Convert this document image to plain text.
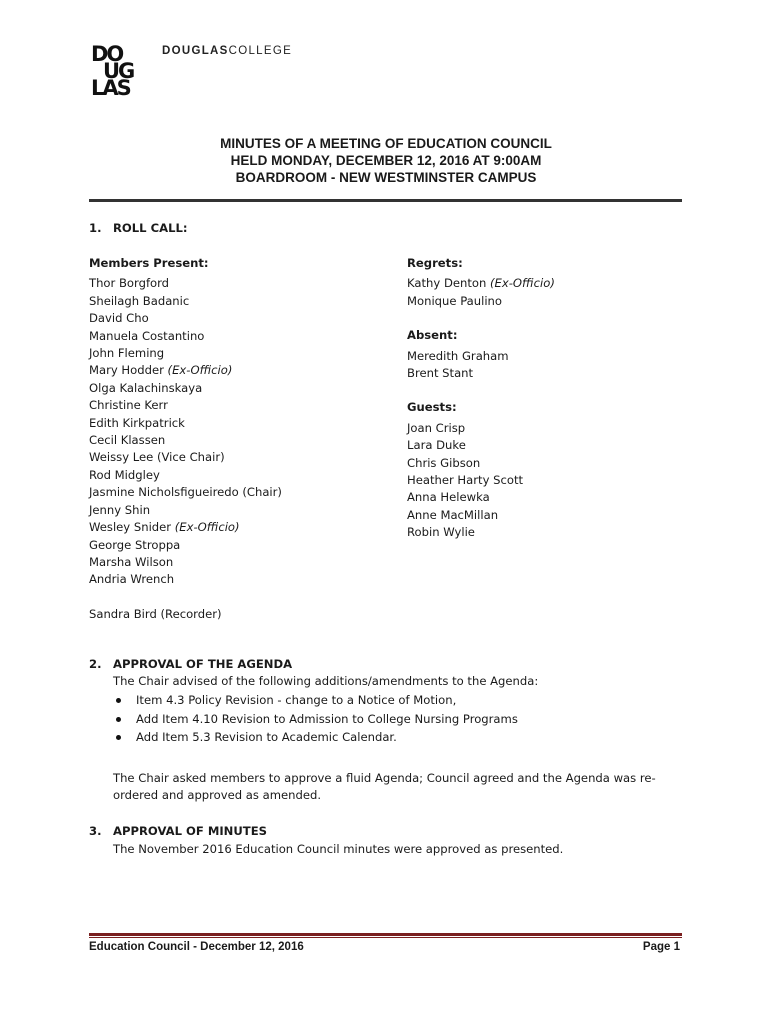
DO
UG
LAS
DOUGLASCOLLEGE
MINUTES OF A MEETING OF EDUCATION COUNCIL
HELD MONDAY, DECEMBER 12, 2016 AT 9:00AM
BOARDROOM - NEW WESTMINSTER CAMPUS
1. ROLL CALL:
Members Present:
Thor Borgford
Sheilagh Badanic
David Cho
Manuela Costantino
John Fleming
Mary Hodder (Ex-Officio)
Olga Kalachinskaya
Christine Kerr
Edith Kirkpatrick
Cecil Klassen
Weissy Lee (Vice Chair)
Rod Midgley
Jasmine Nicholsfigueiredo (Chair)
Jenny Shin
Wesley Snider (Ex-Officio)
George Stroppa
Marsha Wilson
Andria Wrench
Sandra Bird (Recorder)
Regrets:
Kathy Denton (Ex-Officio)
Monique Paulino
Absent:
Meredith Graham
Brent Stant
Guests:
Joan Crisp
Lara Duke
Chris Gibson
Heather Harty Scott
Anna Helewka
Anne MacMillan
Robin Wylie
2. APPROVAL OF THE AGENDA
The Chair advised of the following additions/amendments to the Agenda:
Item 4.3 Policy Revision - change to a Notice of Motion,
Add Item 4.10 Revision to Admission to College Nursing Programs
Add Item 5.3 Revision to Academic Calendar.
The Chair asked members to approve a fluid Agenda; Council agreed and the Agenda was re-ordered and approved as amended.
3. APPROVAL OF MINUTES
The November 2016 Education Council minutes were approved as presented.
Education Council - December 12, 2016	Page 1
